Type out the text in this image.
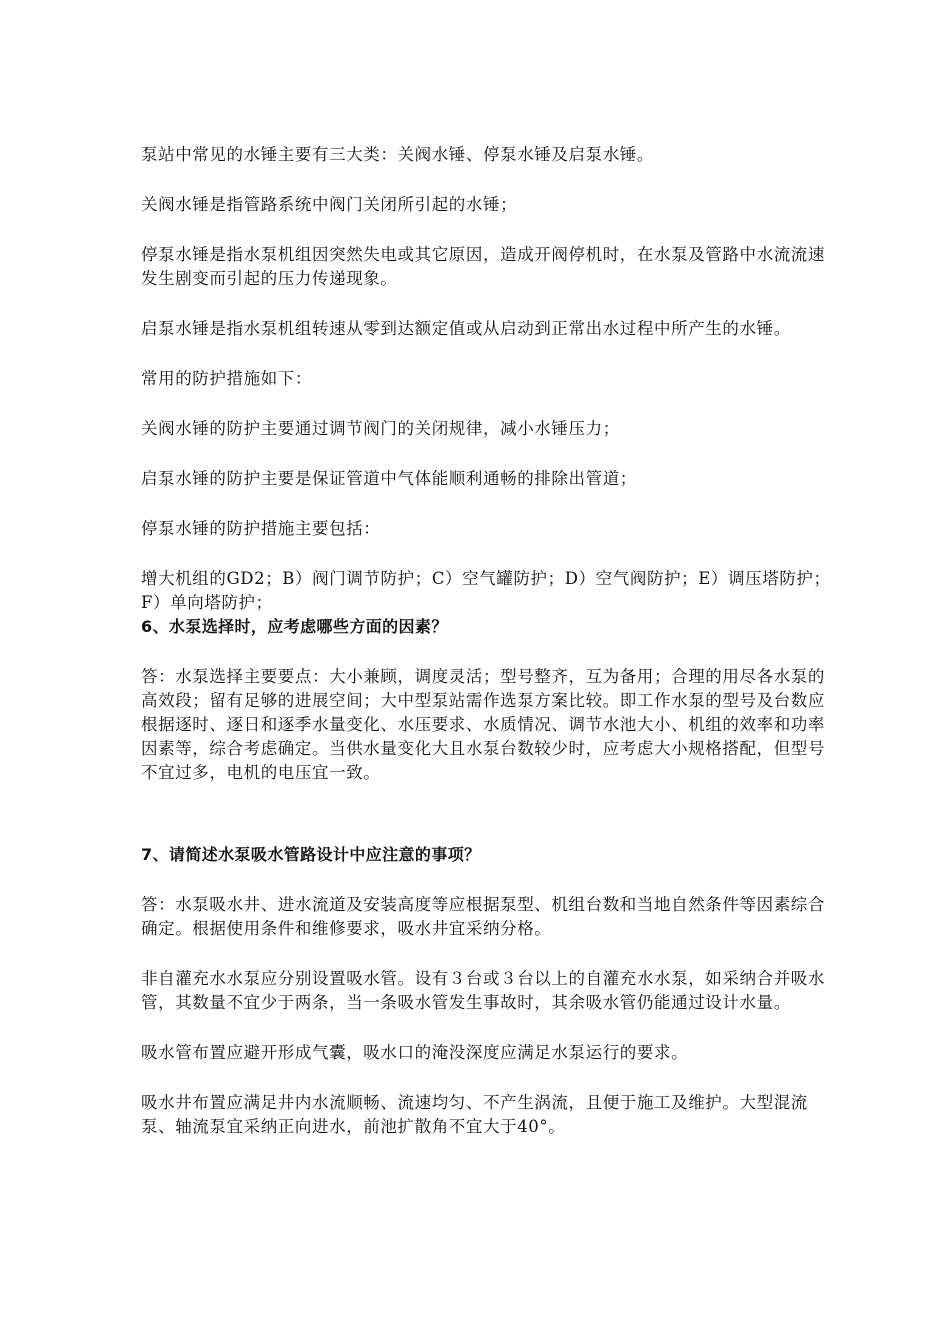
泵站中常见的水锤主要有三大类：关阀水锤、停泵水锤及启泵水锤。

关阀水锤是指管路系统中阀门关闭所引起的水锤；

停泵水锤是指水泵机组因突然失电或其它原因，造成开阀停机时，在水泵及管路中水流流速发生剧变而引起的压力传递现象。

启泵水锤是指水泵机组转速从零到达额定值或从启动到正常出水过程中所产生的水锤。

常用的防护措施如下：

关阀水锤的防护主要通过调节阀门的关闭规律，减小水锤压力；

启泵水锤的防护主要是保证管道中气体能顺利通畅的排除出管道；

停泵水锤的防护措施主要包括：

增大机组的GD2；B）阀门调节防护；C）空气罐防护；D）空气阀防护；E）调压塔防护；F）单向塔防护；

6、水泵选择时，应考虑哪些方面的因素？

答：水泵选择主要要点：大小兼顾，调度灵活；型号整齐，互为备用；合理的用尽各水泵的高效段；留有足够的进展空间；大中型泵站需作选泵方案比较。即工作水泵的型号及台数应根据逐时、逐日和逐季水量变化、水压要求、水质情况、调节水池大小、机组的效率和功率因素等，综合考虑确定。当供水量变化大且水泵台数较少时，应考虑大小规格搭配，但型号不宜过多，电机的电压宜一致。

7、请简述水泵吸水管路设计中应注意的事项？

答：水泵吸水井、进水流道及安装高度等应根据泵型、机组台数和当地自然条件等因素综合确定。根据使用条件和维修要求，吸水井宜采纳分格。

非自灌充水水泵应分别设置吸水管。设有３台或３台以上的自灌充水水泵，如采纳合并吸水管，其数量不宜少于两条，当一条吸水管发生事故时，其余吸水管仍能通过设计水量。

吸水管布置应避开形成气囊，吸水口的淹没深度应满足水泵运行的要求。

吸水井布置应满足井内水流顺畅、流速均匀、不产生涡流，且便于施工及维护。大型混流泵、轴流泵宜采纳正向进水，前池扩散角不宜大于40°。
